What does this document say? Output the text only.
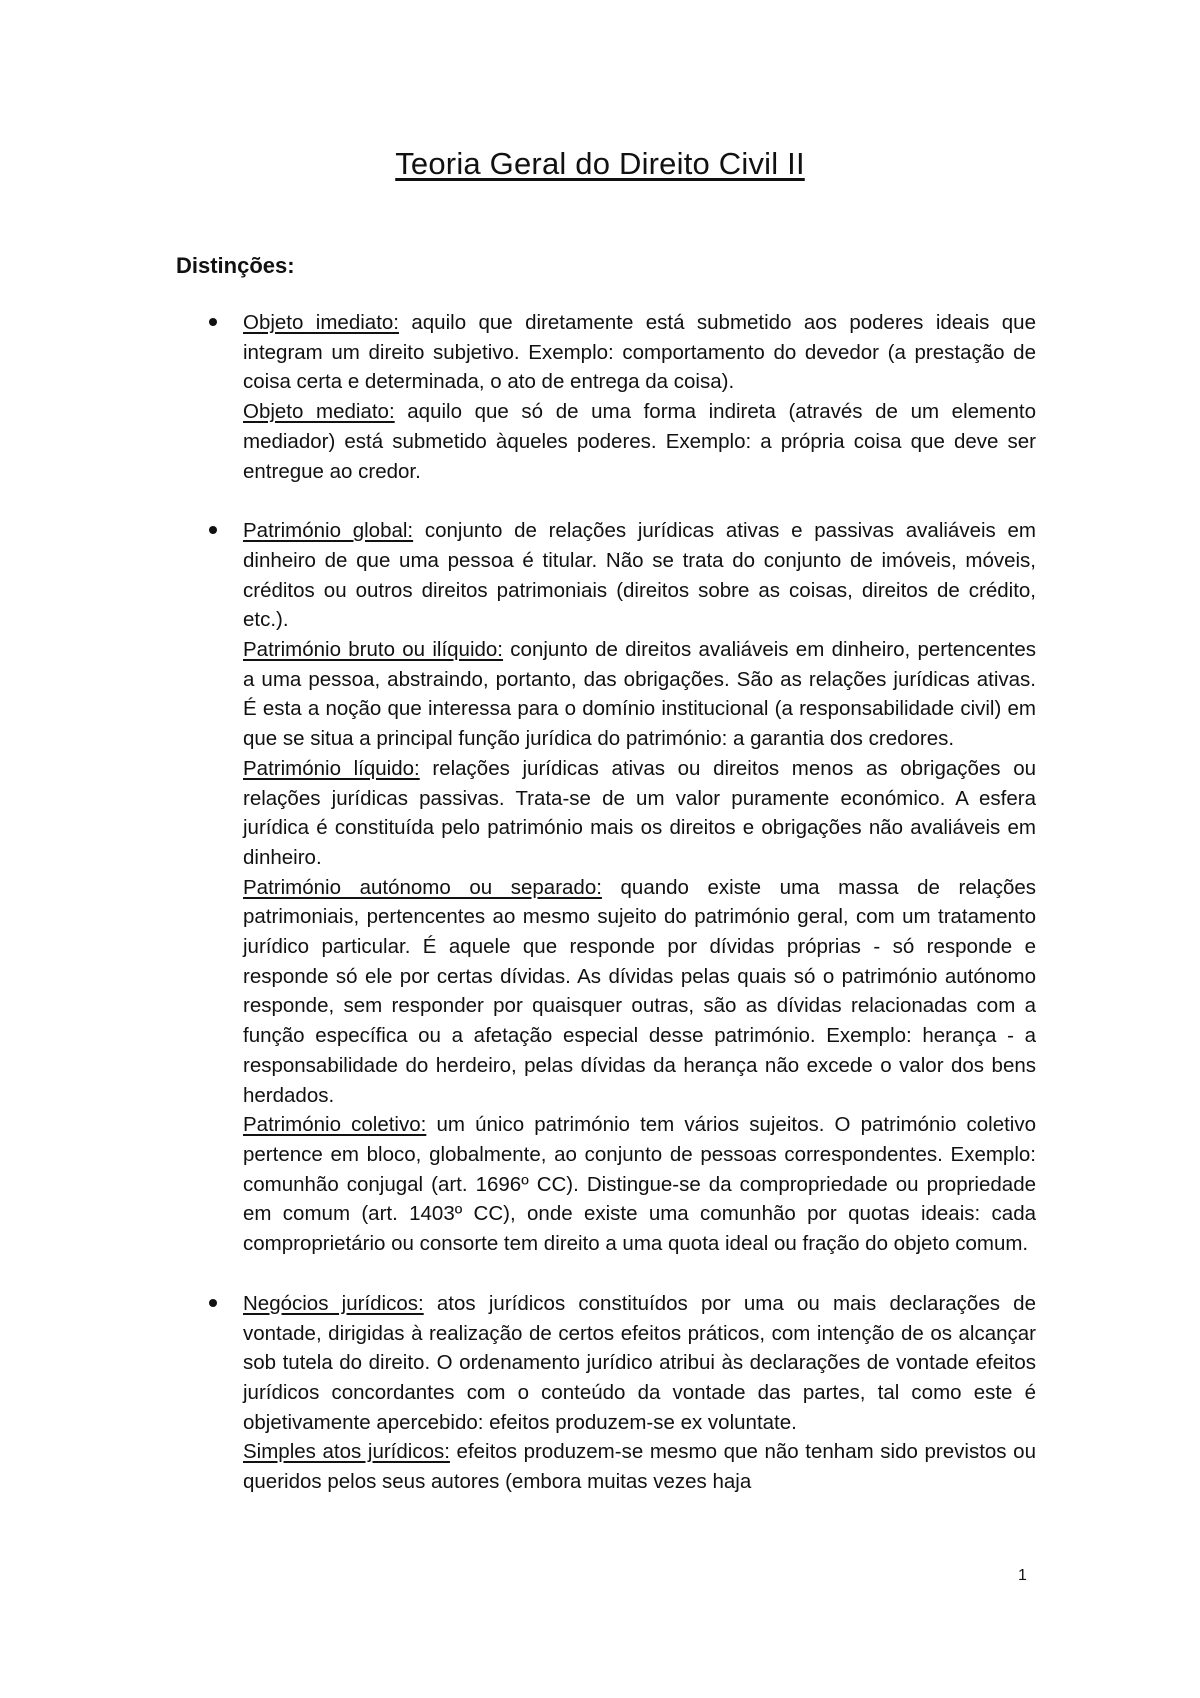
Teoria Geral do Direito Civil II
Distinções:

Objeto imediato: aquilo que diretamente está submetido aos poderes ideais que integram um direito subjetivo. Exemplo: comportamento do devedor (a prestação de coisa certa e determinada, o ato de entrega da coisa).

Objeto mediato: aquilo que só de uma forma indireta (através de um elemento mediador) está submetido àqueles poderes. Exemplo: a própria coisa que deve ser entregue ao credor.

Património global: conjunto de relações jurídicas ativas e passivas avaliáveis em dinheiro de que uma pessoa é titular. Não se trata do conjunto de imóveis, móveis, créditos ou outros direitos patrimoniais (direitos sobre as coisas, direitos de crédito, etc.).

Património bruto ou ilíquido: conjunto de direitos avaliáveis em dinheiro, pertencentes a uma pessoa, abstraindo, portanto, das obrigações. São as relações jurídicas ativas. É esta a noção que interessa para o domínio institucional (a responsabilidade civil) em que se situa a principal função jurídica do património: a garantia dos credores.

Património líquido: relações jurídicas ativas ou direitos menos as obrigações ou relações jurídicas passivas. Trata-se de um valor puramente económico. A esfera jurídica é constituída pelo património mais os direitos e obrigações não avaliáveis em dinheiro.

Património autónomo ou separado: quando existe uma massa de relações patrimoniais, pertencentes ao mesmo sujeito do património geral, com um tratamento jurídico particular. É aquele que responde por dívidas próprias - só responde e responde só ele por certas dívidas. As dívidas pelas quais só o património autónomo responde, sem responder por quaisquer outras, são as dívidas relacionadas com a função específica ou a afetação especial desse património. Exemplo: herança - a responsabilidade do herdeiro, pelas dívidas da herança não excede o valor dos bens herdados.

Património coletivo: um único património tem vários sujeitos. O património coletivo pertence em bloco, globalmente, ao conjunto de pessoas correspondentes. Exemplo: comunhão conjugal (art. 1696º CC). Distingue-se da compropriedade ou propriedade em comum (art. 1403º CC), onde existe uma comunhão por quotas ideais: cada comproprietário ou consorte tem direito a uma quota ideal ou fração do objeto comum.

Negócios jurídicos: atos jurídicos constituídos por uma ou mais declarações de vontade, dirigidas à realização de certos efeitos práticos, com intenção de os alcançar sob tutela do direito. O ordenamento jurídico atribui às declarações de vontade efeitos jurídicos concordantes com o conteúdo da vontade das partes, tal como este é objetivamente apercebido: efeitos produzem-se ex voluntate.

Simples atos jurídicos: efeitos produzem-se mesmo que não tenham sido previstos ou queridos pelos seus autores (embora muitas vezes haja

1
